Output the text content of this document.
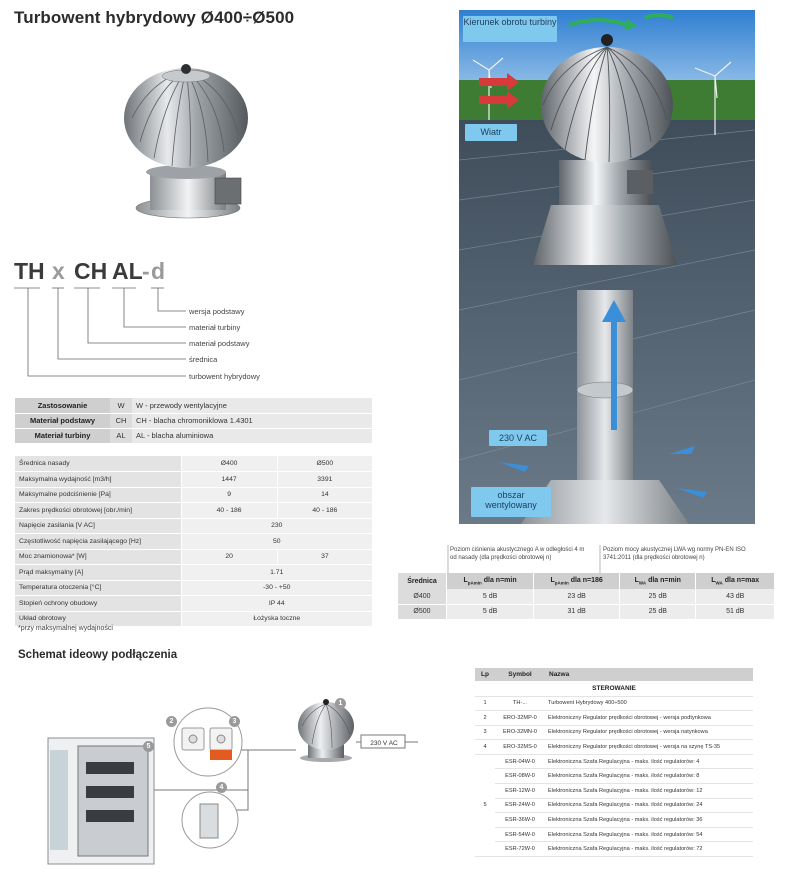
Turbowent hybrydowy Ø400÷Ø500
TH x CH AL - d
wersja podstawy
materiał turbiny
materiał podstawy
średnica
turbowent hybrydowy
Zastosowanie	W	W - przewody wentylacyjne
Materiał podstawy	CH	CH - blacha chromoniklowa 1.4301
Materiał turbiny	AL	AL - blacha aluminiowa
Średnica nasady	Ø400	Ø500
Maksymalna wydajność [m3/h]	1447	3391
Maksymalne podciśnienie [Pa]	9	14
Zakres prędkości obrotowej [obr./min]	40 - 186	40 - 186
Napięcie zasilania [V AC]	230	
Częstotliwość napięcia zasilającego [Hz]	50	
Moc znamionowa* [W]	20	37
Prąd maksymalny [A]	1.71	
Temperatura otoczenia [°C]	-30 - +50	
Stopień ochrony obudowy	IP 44	
Układ obrotowy	Łożyska toczne	
*przy maksymalnej wydajności
Kierunek obrotu turbiny
Wiatr
230 V AC
obszar wentylowany
Poziom ciśnienia akustycznego A w odległości 4 m od nasady (dla prędkości obrotowej n)
Poziom mocy akustycznej LWA wg normy PN-EN ISO 3741:2011 (dla prędkości obrotowej n)
Średnica	$L_{pAmin}$ dla n=min	$L_{pAmin}$ dla n=186	$L_{WA}$ dla n=min	$L_{WA}$ dla n=max
Ø400	5 dB	23 dB	25 dB	43 dB
Ø500	5 dB	31 dB	25 dB	51 dB
Schemat ideowy podłączenia
230 V AC
1
2	3
4
5
Lp	Symbol	Nazwa
STEROWANIE		
1	TH-...	Turbowent Hybrydowy 400÷500
2	ERO-32MP-0	Elektroniczny Regulator prędkości obrotowej - wersja podtynkowa
3	ERO-32MN-0	Elektroniczny Regulator prędkości obrotowej - wersja natynkowa
4	ERO-32MS-0	Elektroniczny Regulator prędkości obrotowej - wersja na szynę TS-35
5	ESR-04W-0	Elektroniczna Szafa Regulacyjna - maks. ilość regulatorów: 4
	ESR-08W-0	Elektroniczna Szafa Regulacyjna - maks. ilość regulatorów: 8
	ESR-12W-0	Elektroniczna Szafa Regulacyjna - maks. ilość regulatorów: 12
	ESR-24W-0	Elektroniczna Szafa Regulacyjna - maks. ilość regulatorów: 24
	ESR-36W-0	Elektroniczna Szafa Regulacyjna - maks. ilość regulatorów: 36
	ESR-54W-0	Elektroniczna Szafa Regulacyjna - maks. ilość regulatorów: 54
	ESR-72W-0	Elektroniczna Szafa Regulacyjna - maks. ilość regulatorów: 72
